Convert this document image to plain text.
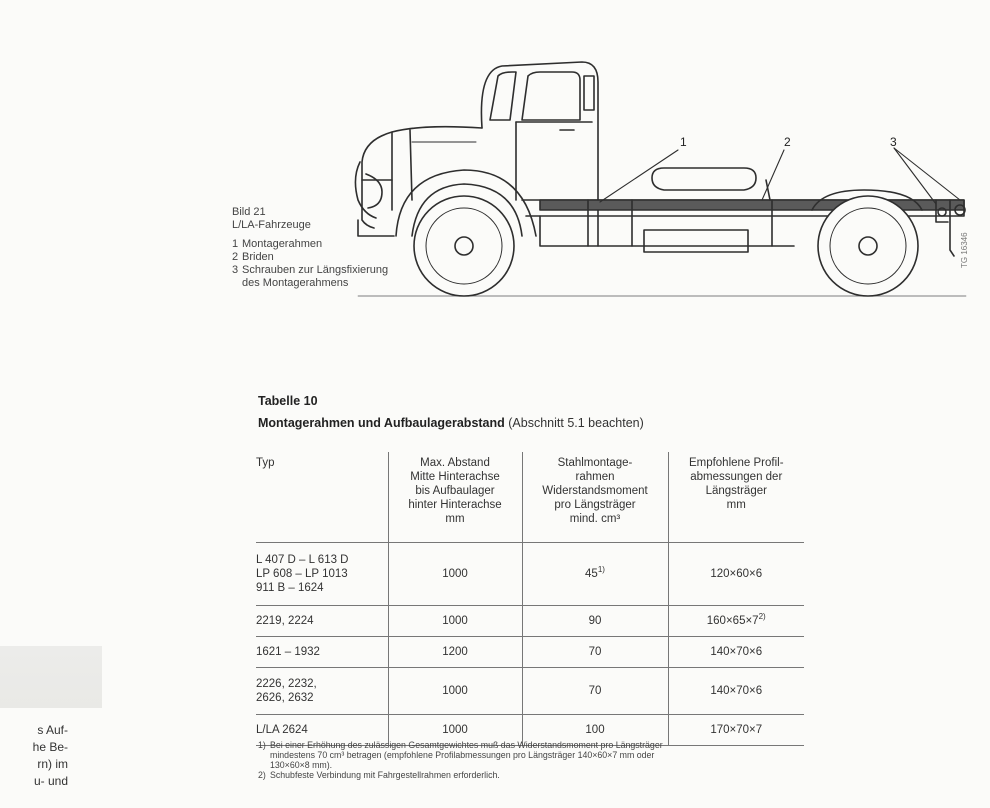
Bild 21
L/LA-Fahrzeuge
1 Montagerahmen
2 Briden
3 Schrauben zur Längsfixierung
des Montagerahmens
s Auf-
he Be-
rn) im
u- und
1	2	3
TG 16346
Tabelle 10
Montagerahmen und Aufbaulagerabstand (Abschnitt 5.1 beachten)
Typ	Max. Abstand
Mitte Hinterachse
bis Aufbaulager
hinter Hinterachse
mm	Stahlmontage-
rahmen
Widerstandsmoment
pro Längsträger
mind. cm³	Empfohlene Profil-
abmessungen der
Längsträger
mm

L 407 D – L 613 D
LP 608 – LP 1013
911 B – 1624	1000	45$^{1)}$	120×60×6

2219, 2224	1000	90	$160\times 65\times 7^{2)}$

1621 – 1932	1200	70	140×70×6

2226, 2232,
2626, 2632	1000	70	140×70×6

L/LA 2624	1000	100	170×70×7
1) Bei einer Erhöhung des zulässigen Gesamtgewichtes muß das Widerstandsmoment pro Längsträger
mindestens 70 cm³ betragen (empfohlene Profilabmessungen pro Längsträger 140×60×7 mm oder
130×60×8 mm).
2) Schubfeste Verbindung mit Fahrgestellrahmen erforderlich.
